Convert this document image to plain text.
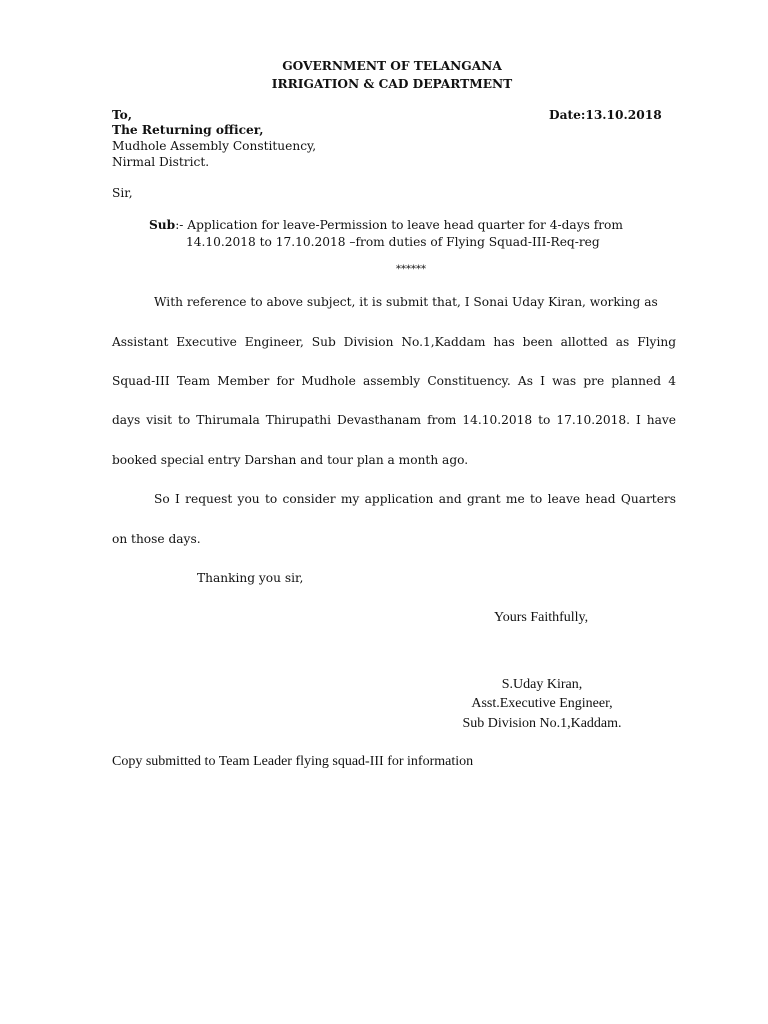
GOVERNMENT OF TELANGANA
IRRIGATION & CAD DEPARTMENT
To,	Date:13.10.2018
The Returning officer,
Mudhole Assembly Constituency,
Nirmal District.
Sir,
Sub:- Application for leave-Permission to leave head quarter for 4-days from
14.10.2018 to 17.10.2018 –from duties of Flying Squad-III-Req-reg
******
With reference to above subject, it is submit that, I Sonai Uday Kiran, working as
Assistant Executive Engineer, Sub Division No.1,Kaddam has been allotted as Flying
Squad-III Team Member for Mudhole assembly Constituency. As I was pre planned 4
days visit to Thirumala Thirupathi Devasthanam from 14.10.2018 to 17.10.2018. I have
booked special entry Darshan and tour plan a month ago.
So I request you to consider my application and grant me to leave head Quarters
on those days.
Thanking you sir,
Yours Faithfully,
S.Uday Kiran,
Asst.Executive Engineer,
Sub Division No.1,Kaddam.
Copy submitted to Team Leader flying squad-III for information
